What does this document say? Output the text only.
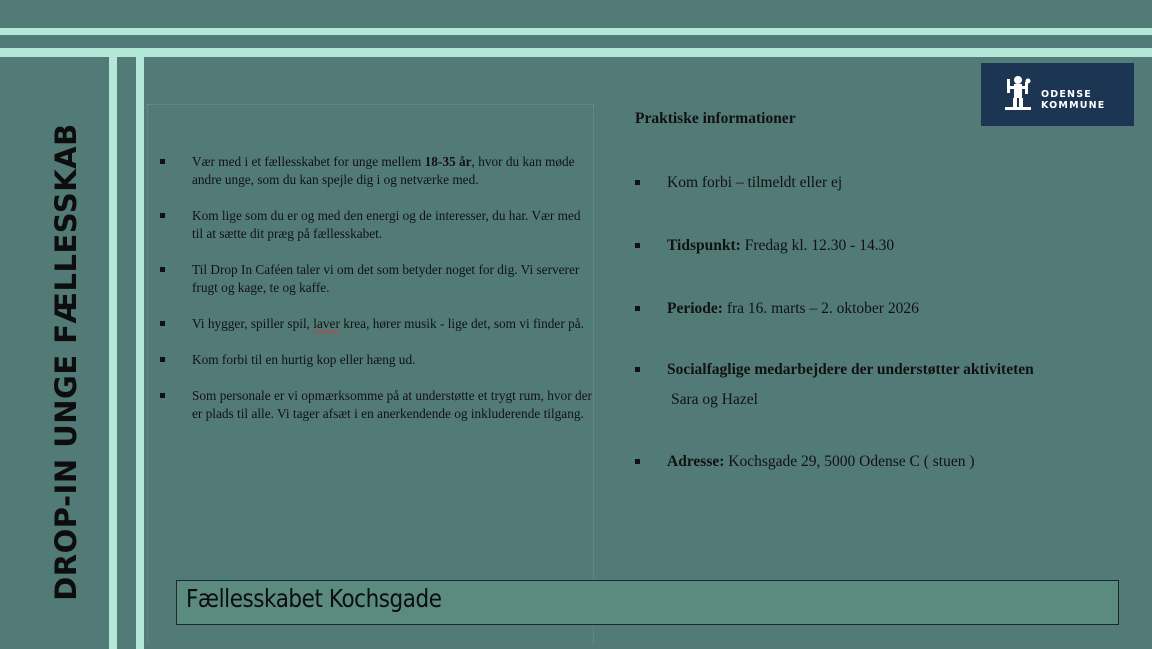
DROP-IN UNGE FÆLLESSKAB
ODENSE
KOMMUNE
Vær med i et fællesskabet for unge mellem 18-35 år, hvor du kan møde andre unge, som du kan spejle dig i og netværke med.
Kom lige som du er og med den energi og de interesser, du har. Vær med til at sætte dit præg på fællesskabet.
Til Drop In Caféen taler vi om det som betyder noget for dig. Vi serverer frugt og kage, te og kaffe.
Vi hygger, spiller spil, laver krea, hører musik - lige det, som vi finder på.
Kom forbi til en hurtig kop eller hæng ud.
Som personale er vi opmærksomme på at understøtte et trygt rum, hvor der er plads til alle. Vi tager afsæt i en anerkendende og inkluderende tilgang.
Praktiske informationer
Kom forbi – tilmeldt eller ej
Tidspunkt: Fredag kl. 12.30 - 14.30
Periode: fra 16. marts – 2. oktober 2026
Socialfaglige medarbejdere der understøtter aktiviteten
Sara og Hazel
Adresse: Kochsgade 29, 5000 Odense C ( stuen )
Fællesskabet Kochsgade
